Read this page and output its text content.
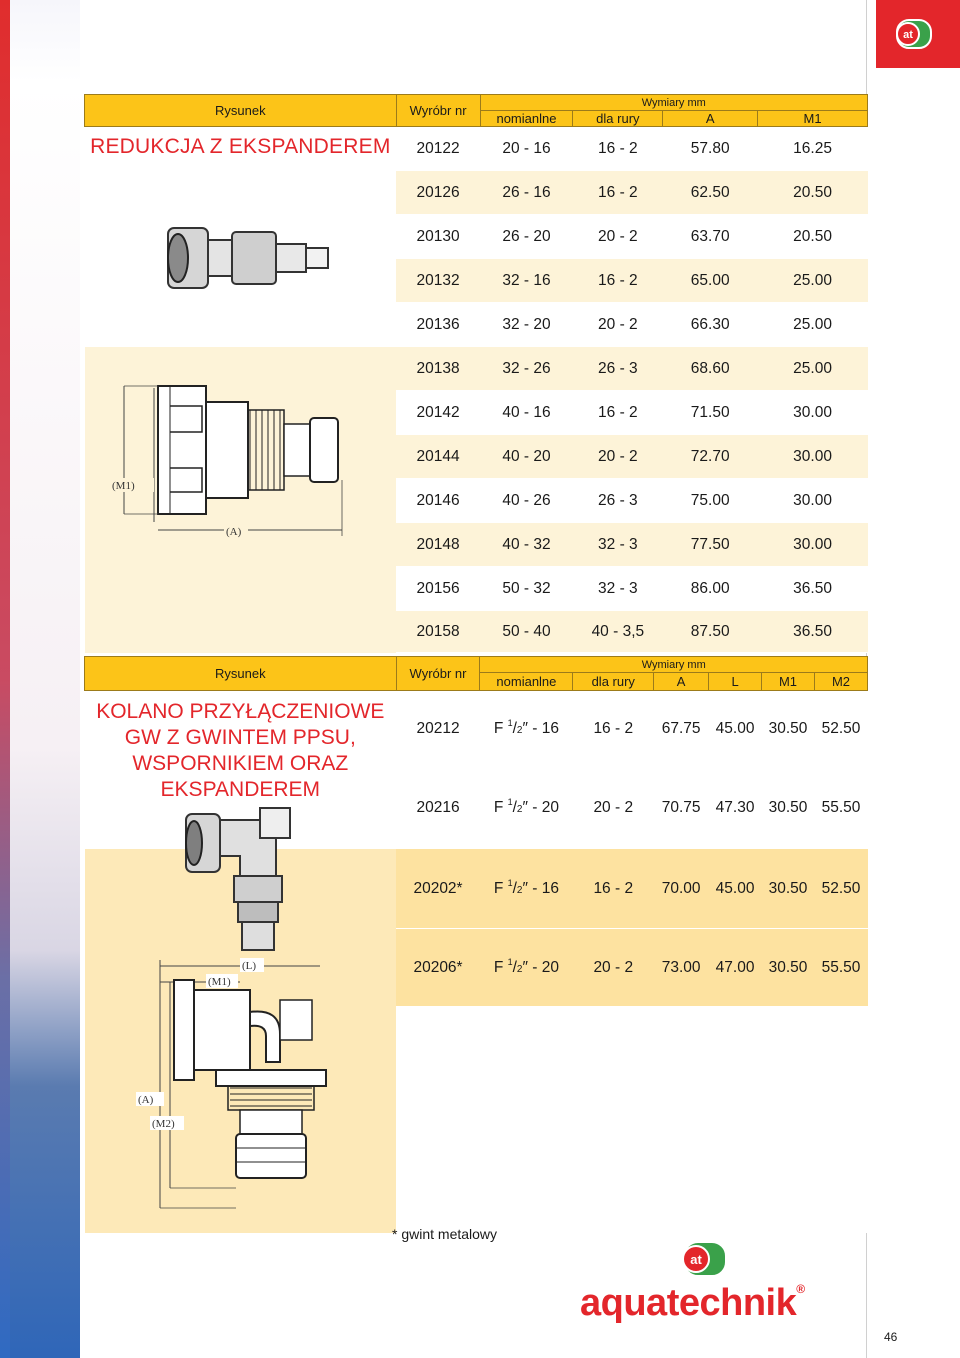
at
Rysunek	Wyróbr nr	Wymiary mm			
		nomianlne	dla rury	A	M1
REDUKCJA Z EKSPANDEREM	20122	20 - 16	16 - 2	57.80	16.25
	20126	26 - 16	16 - 2	62.50	20.50
	20130	26 - 20	20 - 2	63.70	20.50
	20132	32 - 16	16 - 2	65.00	25.00
	20136	32 - 20	20 - 2	66.30	25.00
	20138	32 - 26	26 - 3	68.60	25.00
	20142	40 - 16	16 - 2	71.50	30.00
	20144	40 - 20	20 - 2	72.70	30.00
	20146	40 - 26	26 - 3	75.00	30.00
	20148	40 - 32	32 - 3	77.50	30.00
	20156	50 - 32	32 - 3	86.00	36.50
	20158	50 - 40	40 - 3,5	87.50	36.50
(M1)
(A)
Rysunek	Wyróbr nr	Wymiary mm					
		nomianlne	dla rury	A	L	M1	M2

KOLANO PRZYŁĄCZENIOWE
GW Z GWINTEM PPSU,
WSPORNIKIEM ORAZ
EKSPANDEREM	20212	F $^1$/2″ - 16	16 - 2	67.75	45.00	30.50	52.50
	20216	F $^1$/2″ - 20	20 - 2	70.75	47.30	30.50	55.50
	20202*	F $^1$/2″ - 16	16 - 2	70.00	45.00	30.50	52.50
	20206*	F $^1$/2″ - 20	20 - 2	73.00	47.00	30.50	55.50

(L)
(M1)
(A)
(M2)
* gwint metalowy
at
aquatechnik®
46
